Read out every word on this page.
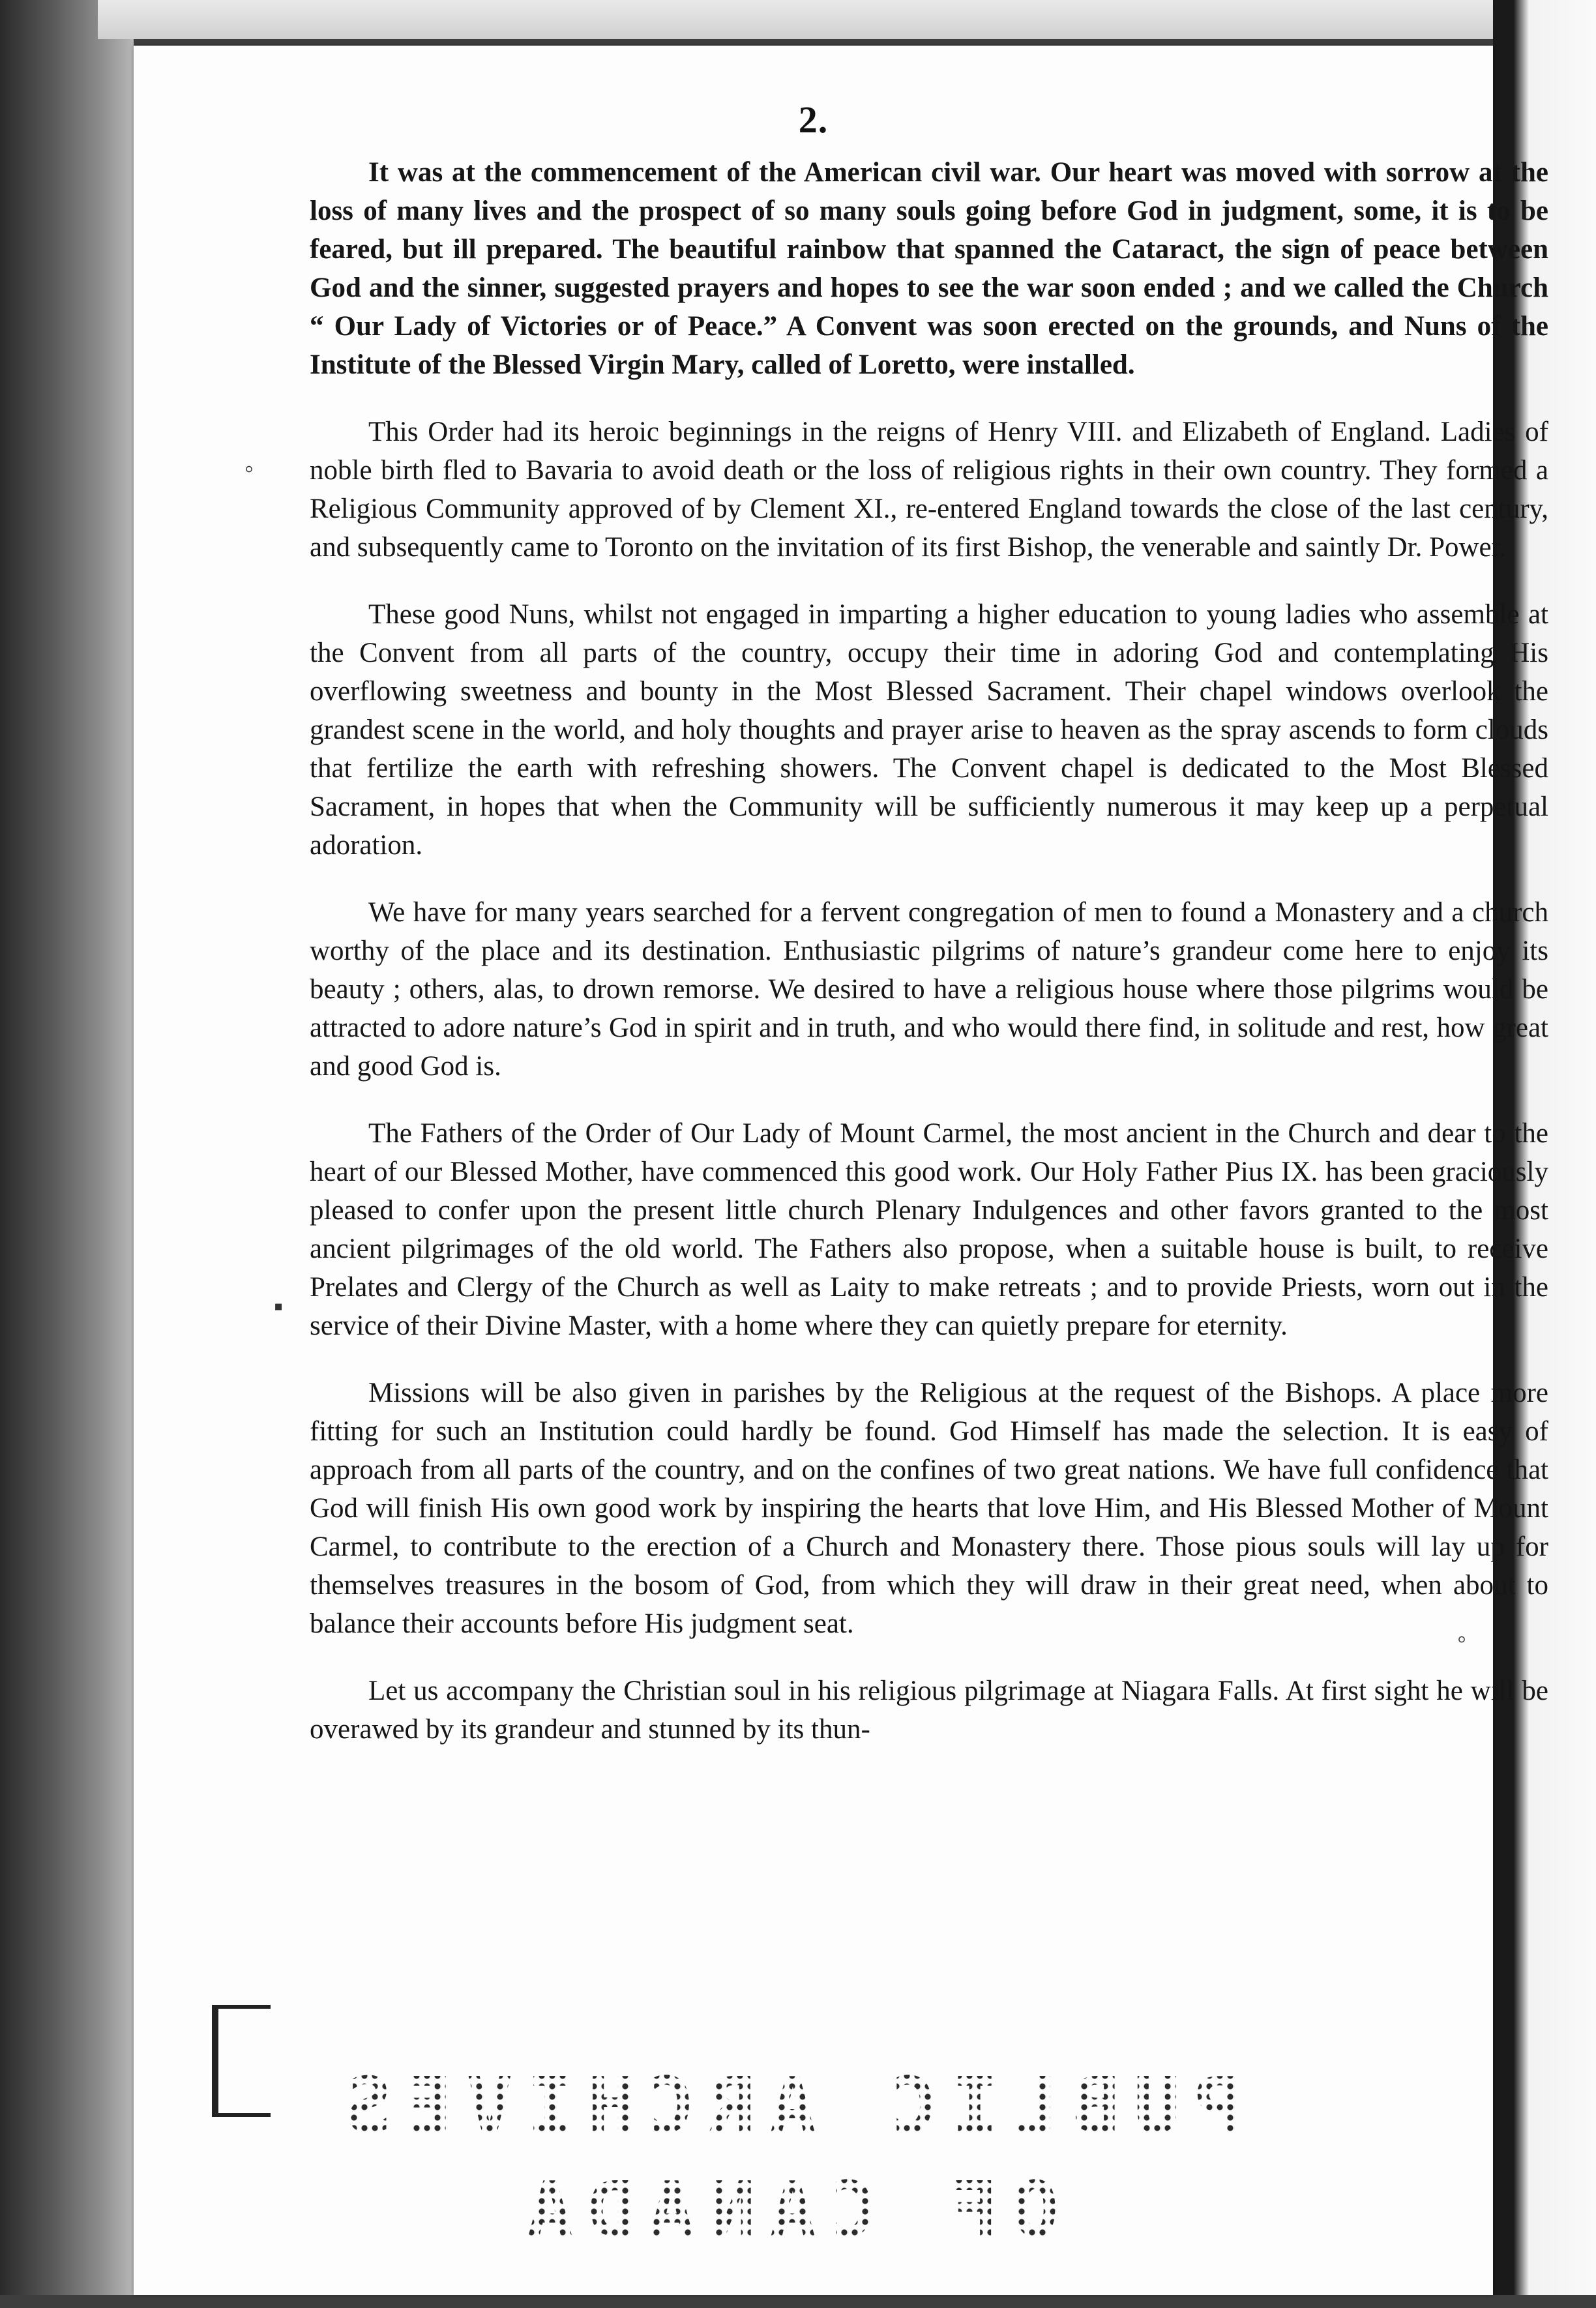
2.
◦
▪
◦

It was at the commencement of the American civil war. Our heart was moved with sorrow at the loss of many lives and the prospect of so many souls going before God in judgment, some, it is to be feared, but ill prepared. The beautiful rainbow that spanned the Cataract, the sign of peace between God and the sinner, suggested prayers and hopes to see the war soon ended ; and we called the Church “ Our Lady of Victories or of Peace.” A Convent was soon erected on the grounds, and Nuns of the Institute of the Blessed Virgin Mary, called of Loretto, were installed.

This Order had its heroic beginnings in the reigns of Henry VIII. and Elizabeth of England. Ladies of noble birth fled to Bavaria to avoid death or the loss of religious rights in their own country. They formed a Religious Community approved of by Clement XI., re-entered England towards the close of the last century, and subsequently came to Toronto on the invitation of its first Bishop, the venerable and saintly Dr. Power.

These good Nuns, whilst not engaged in imparting a higher education to young ladies who assemble at the Convent from all parts of the country, occupy their time in adoring God and contemplating His overflowing sweetness and bounty in the Most Blessed Sacrament. Their chapel windows overlook the grandest scene in the world, and holy thoughts and prayer arise to heaven as the spray ascends to form clouds that fertilize the earth with refreshing showers. The Convent chapel is dedicated to the Most Blessed Sacrament, in hopes that when the Community will be sufficiently numerous it may keep up a perpetual adoration.

We have for many years searched for a fervent congregation of men to found a Monastery and a church worthy of the place and its destination. Enthusiastic pilgrims of nature’s grandeur come here to enjoy its beauty ; others, alas, to drown remorse. We desired to have a religious house where those pilgrims would be attracted to adore nature’s God in spirit and in truth, and who would there find, in solitude and rest, how great and good God is.

The Fathers of the Order of Our Lady of Mount Carmel, the most ancient in the Church and dear to the heart of our Blessed Mother, have commenced this good work. Our Holy Father Pius IX. has been graciously pleased to confer upon the present little church Plenary Indulgences and other favors granted to the most ancient pilgrimages of the old world. The Fathers also propose, when a suitable house is built, to receive Prelates and Clergy of the Church as well as Laity to make retreats ; and to provide Priests, worn out in the service of their Divine Master, with a home where they can quietly prepare for eternity.

Missions will be also given in parishes by the Religious at the request of the Bishops. A place more fitting for such an Institution could hardly be found. God Himself has made the selection. It is easy of approach from all parts of the country, and on the confines of two great nations. We have full confidence that God will finish His own good work by inspiring the hearts that love Him, and His Blessed Mother of Mount Carmel, to contribute to the erection of a Church and Monastery there. Those pious souls will lay up for themselves treasures in the bosom of God, from which they will draw in their great need, when about to balance their accounts before His judgment seat.

Let us accompany the Christian soul in his religious pilgrimage at Niagara Falls. At first sight he will be overawed by its grandeur and stunned by its thun-

PUBLIC ARCHIVES
OF CANADA
